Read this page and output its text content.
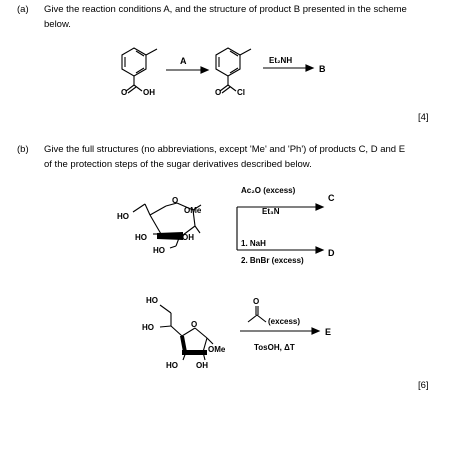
(a) Give the reaction conditions A, and the structure of product B presented in the scheme
below.
[4]
(b) Give the full structures (no abbreviations, except 'Me' and 'Ph') of products C, D and E
of the protection steps of the sugar derivatives described below.
[6]
O OH
A
O Cl
Et₂NH
B
HO
O
OMe
HO	OH
HO
Ac₂O (excess)
Et₃N
C
1. NaH
2. BnBr (excess)
D
HO
HO	O
OMe
HO OH
O
(excess)
TosOH, ΔT
E
